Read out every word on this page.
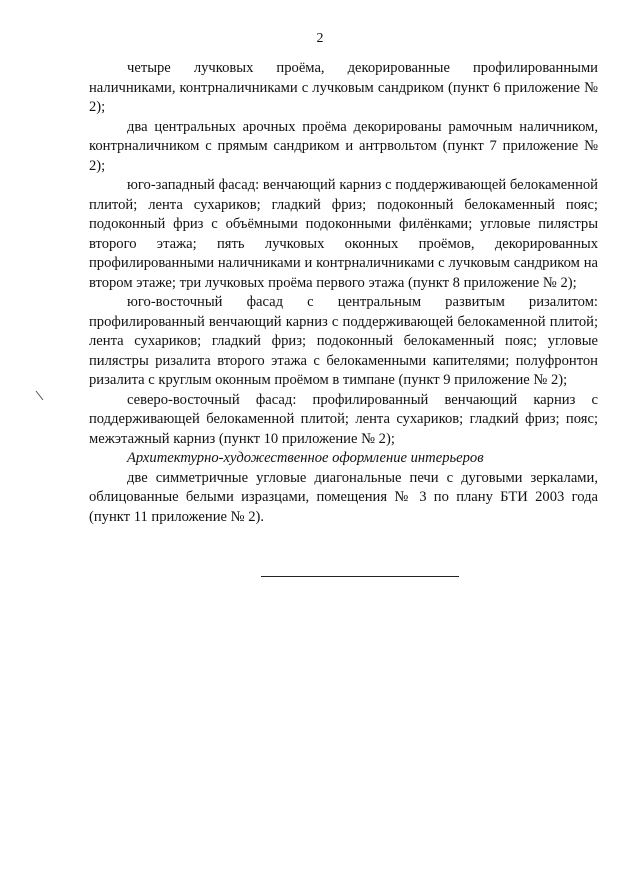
2

четыре лучковых проёма, декорированные профилированными наличниками, контрналичниками с лучковым сандриком (пункт 6 приложение № 2);

два центральных арочных проёма декорированы рамочным наличником, контрналичником с прямым сандриком и антрвольтом (пункт 7 приложение № 2);

юго-западный фасад: венчающий карниз с поддерживающей белокаменной плитой; лента сухариков; гладкий фриз; подоконный белокаменный пояс; подоконный фриз с объёмными подоконными филёнками; угловые пилястры второго этажа; пять лучковых оконных проёмов, декорированных профилированными наличниками и контрналичниками с лучковым сандриком на втором этаже; три лучковых проёма первого этажа (пункт 8 приложение № 2);

юго-восточный фасад с центральным развитым ризалитом: профилированный венчающий карниз с поддерживающей белокаменной плитой; лента сухариков; гладкий фриз; подоконный белокаменный пояс; угловые пилястры ризалита второго этажа с белокаменными капителями; полуфронтон ризалита с круглым оконным проёмом в тимпане (пункт 9 приложение № 2);

северо-восточный фасад: профилированный венчающий карниз с поддерживающей белокаменной плитой; лента сухариков; гладкий фриз; пояс; межэтажный карниз (пункт 10 приложение № 2);

Архитектурно-художественное оформление интерьеров

две симметричные угловые диагональные печи с дуговыми зеркалами, облицованные белыми изразцами, помещения № 3 по плану БТИ 2003 года (пункт 11 приложение № 2).
